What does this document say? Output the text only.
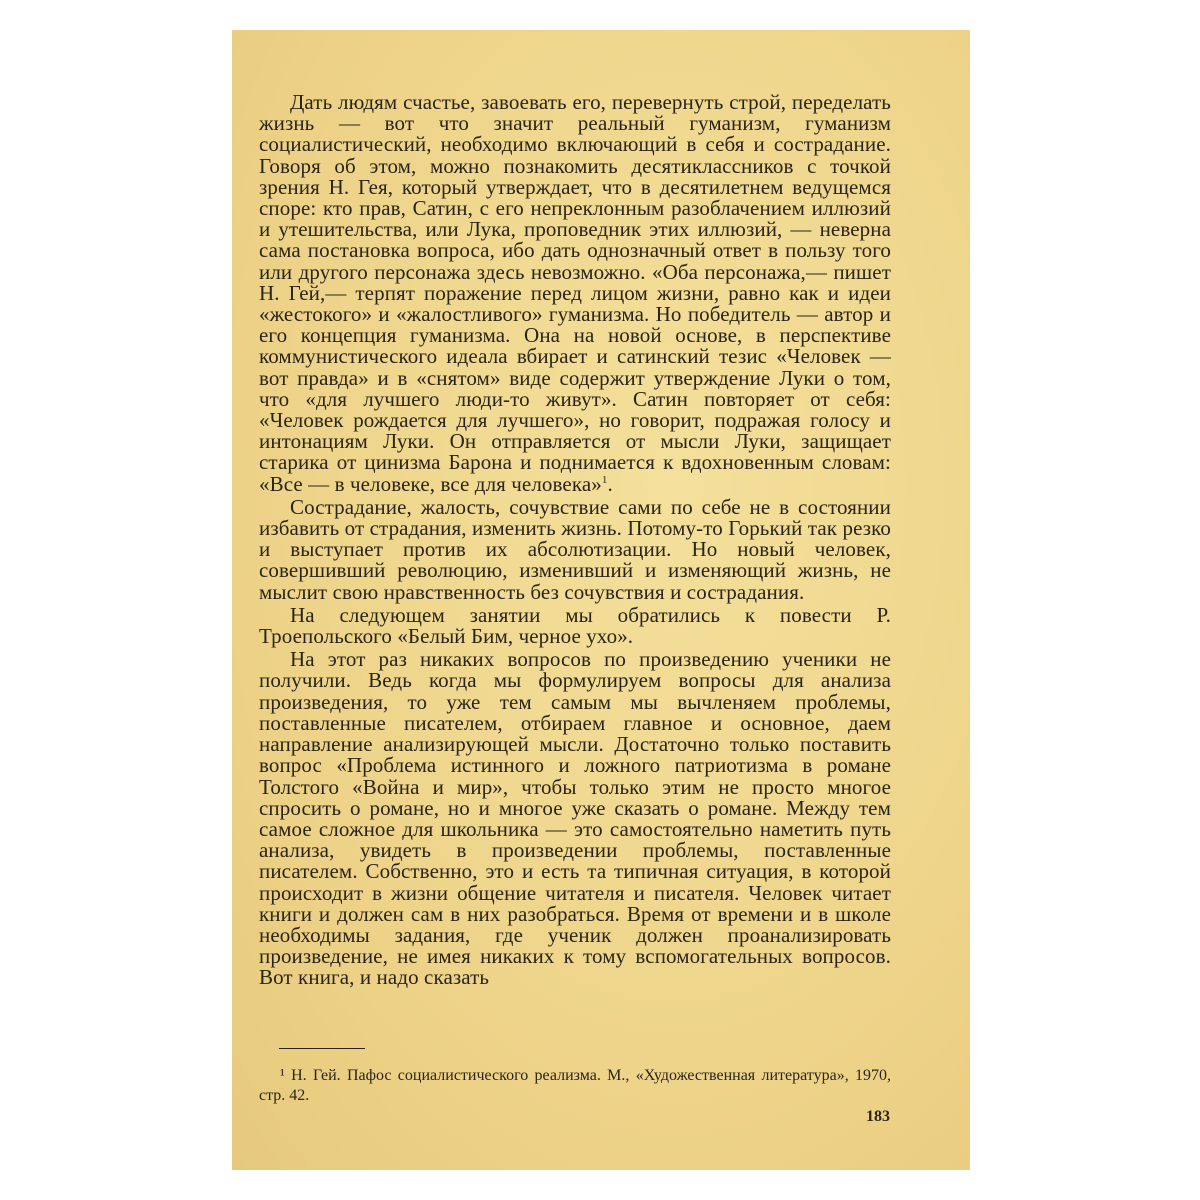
Дать людям счастье, завоевать его, перевернуть строй, переделать жизнь — вот что значит реальный гуманизм, гуманизм социалистический, необходимо включающий в себя и сострадание. Говоря об этом, можно познакомить десятиклассников с точкой зрения Н. Гея, который утверждает, что в десятилетнем ведущемся споре: кто прав, Сатин, с его непреклонным разоблачением иллюзий и утешительства, или Лука, проповедник этих иллюзий, — неверна сама постановка вопроса, ибо дать однозначный ответ в пользу того или другого персонажа здесь невозможно. «Оба персонажа,— пишет Н. Гей,— терпят поражение перед лицом жизни, равно как и идеи «жестокого» и «жалостливого» гуманизма. Но победитель — автор и его концепция гуманизма. Она на новой основе, в перспективе коммунистического идеала вбирает и сатинский тезис «Человек — вот правда» и в «снятом» виде содержит утверждение Луки о том, что «для лучшего люди-то живут». Сатин повторяет от себя: «Человек рождается для лучшего», но говорит, подражая голосу и интонациям Луки. Он отправляется от мысли Луки, защищает старика от цинизма Барона и поднимается к вдохновенным словам: «Все — в человеке, все для человека»$^1$.

Сострадание, жалость, сочувствие сами по себе не в состоянии избавить от страдания, изменить жизнь. Потому-то Горький так резко и выступает против их абсолютизации. Но новый человек, совершивший революцию, изменивший и изменяющий жизнь, не мыслит свою нравственность без сочувствия и сострадания.

На следующем занятии мы обратились к повести Р. Троепольского «Белый Бим, черное ухо».

На этот раз никаких вопросов по произведению ученики не получили. Ведь когда мы формулируем вопросы для анализа произведения, то уже тем самым мы вычленяем проблемы, поставленные писателем, отбираем главное и основное, даем направление анализирующей мысли. Достаточно только поставить вопрос «Проблема истинного и ложного патриотизма в романе Толстого «Война и мир», чтобы только этим не просто многое спросить о романе, но и многое уже сказать о романе. Между тем самое сложное для школьника — это самостоятельно наметить путь анализа, увидеть в произведении проблемы, поставленные писателем. Собственно, это и есть та типичная ситуация, в которой происходит в жизни общение читателя и писателя. Человек читает книги и должен сам в них разобраться. Время от времени и в школе необходимы задания, где ученик должен проанализировать произведение, не имея никаких к тому вспомогательных вопросов. Вот книга, и надо сказать

¹ Н. Гей. Пафос социалистического реализма. М., «Художественная литература», 1970, стр. 42.
183
